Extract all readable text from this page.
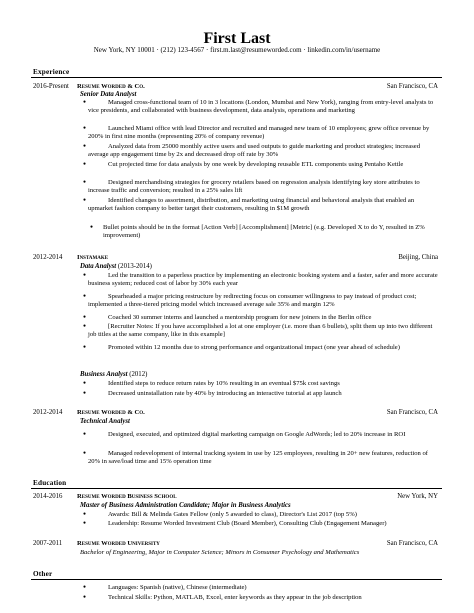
First Last
New York, NY 10001 · (212) 123-4567 · first.m.last@resumeworded.com · linkedin.com/in/username
Experience
2016-Present Resume Worded & Co.	San Francisco, CA
Senior Data Analyst
● Managed cross-functional team of 10 in 3 locations (London, Mumbai and New York), ranging from entry-level analysts to vice presidents, and collaborated with business development, data analysis, operations and marketing
● Launched Miami office with lead Director and recruited and managed new team of 10 employees; grew office revenue by 200% in first nine months (representing 20% of company revenue)
● Analyzed data from 25000 monthly active users and used outputs to guide marketing and product strategies; increased average app engagement time by 2x and decreased drop off rate by 30%
● Cut projected time for data analysis by one week by developing reusable ETL components using Pentaho Kettle
● Designed merchandising strategies for grocery retailers based on regression analysis identifying key store attributes to increase traffic and conversion; resulted in a 25% sales lift
● Identified changes to assortment, distribution, and marketing using financial and behavioral analysis that enabled an upmarket fashion company to better target their customers, resulting in $1M growth
● Bullet points should be in the format [Action Verb] [Accomplishment] [Metric] (e.g. Developed X to do Y, resulted in Z% improvement)
2012-2014 Instamake	Beijing, China
Data Analyst (2013-2014)
● Led the transition to a paperless practice by implementing an electronic booking system and a faster, safer and more accurate business system; reduced cost of labor by 30% each year
● Spearheaded a major pricing restructure by redirecting focus on consumer willingness to pay instead of product cost; implemented a three-tiered pricing model which increased average sale 35% and margin 12%
● Coached 30 summer interns and launched a mentorship program for new joiners in the Berlin office
● [Recruiter Notes: If you have accomplished a lot at one employer (i.e. more than 6 bullets), split them up into two different job titles at the same company, like in this example]
● Promoted within 12 months due to strong performance and organizational impact (one year ahead of schedule)
Business Analyst (2012)
● Identified steps to reduce return rates by 10% resulting in an eventual $75k cost savings
● Decreased uninstallation rate by 40% by introducing an interactive tutorial at app launch
2012-2014 Resume Worded & Co.	San Francisco, CA
Technical Analyst
● Designed, executed, and optimized digital marketing campaign on Google AdWords; led to 20% increase in ROI
● Managed redevelopment of internal tracking system in use by 125 employees, resulting in 20+ new features, reduction of 20% in save/load time and 15% operation time
Education
2014-2016 Resume Worded Business School	New York, NY
Master of Business Administration Candidate; Major in Business Analytics
● Awards: Bill & Melinda Gates Fellow (only 5 awarded to class), Director's List 2017 (top 5%)
● Leadership: Resume Worded Investment Club (Board Member), Consulting Club (Engagement Manager)
2007-2011 Resume Worded University	San Francisco, CA
Bachelor of Engineering, Major in Computer Science; Minors in Consumer Psychology and Mathematics
Other
● Languages: Spanish (native), Chinese (intermediate)
● Technical Skills: Python, MATLAB, Excel, enter keywords as they appear in the job description
